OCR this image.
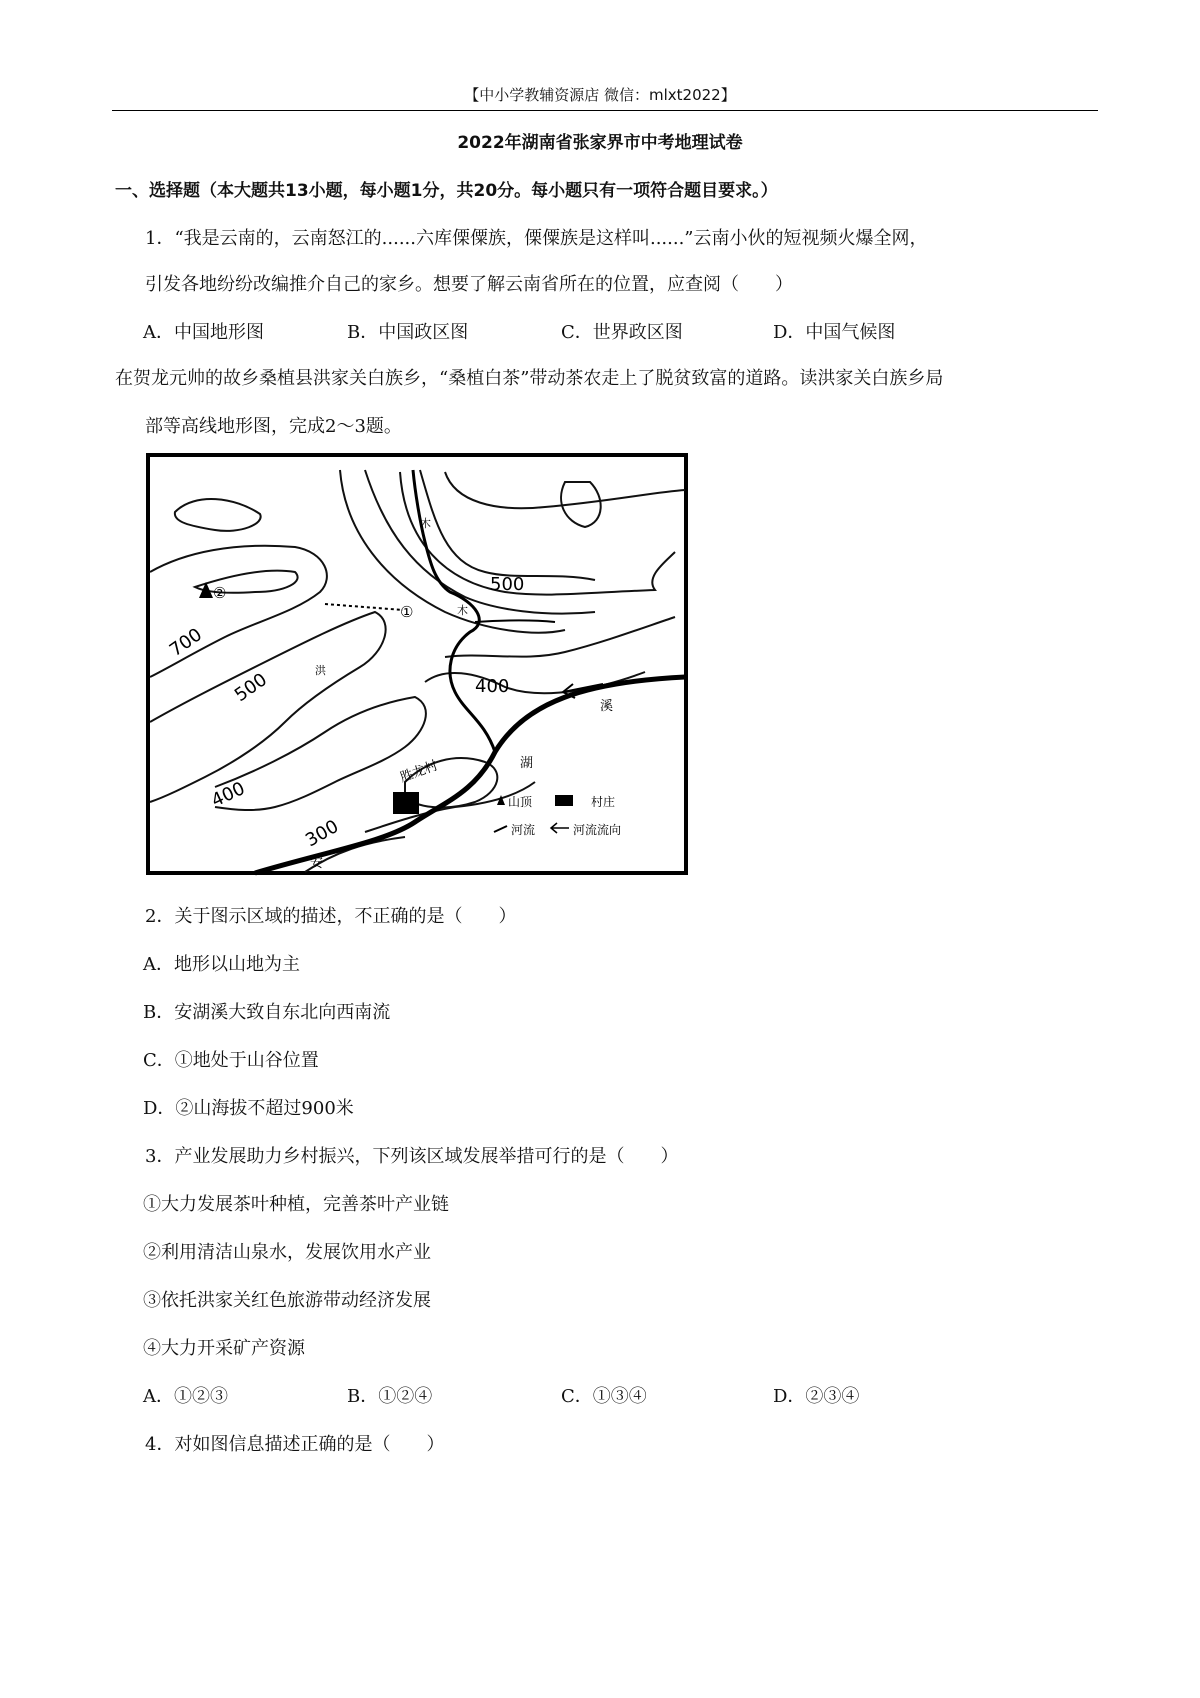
【中小学教辅资源店 微信：mlxt2022】
2022年湖南省张家界市中考地理试卷
一、选择题（本大题共13小题，每小题1分，共20分。每小题只有一项符合题目要求。）
1．“我是云南的，云南怒江的......六库傈僳族，傈僳族是这样叫......”云南小伙的短视频火爆全网，
引发各地纷纷改编推介自己的家乡。想要了解云南省所在的位置，应查阅（　　）
A．中国地形图	B．中国政区图	C．世界政区图	D．中国气候图
在贺龙元帅的故乡桑植县洪家关白族乡，“桑植白茶”带动茶农走上了脱贫致富的道路。读洪家关白族乡局
部等高线地形图，完成2～3题。
500
400
700
500
400
300
①
②
胜龙村
溪
湖
安
木
木
洪
山顶	村庄
河流	河流流向
2．关于图示区域的描述，不正确的是（　　）
A．地形以山地为主
B．安湖溪大致自东北向西南流
C．①地处于山谷位置
D．②山海拔不超过900米
3．产业发展助力乡村振兴，下列该区域发展举措可行的是（　　）
①大力发展茶叶种植，完善茶叶产业链
②利用清洁山泉水，发展饮用水产业
③依托洪家关红色旅游带动经济发展
④大力开采矿产资源
A．①②③	B．①②④	C．①③④	D．②③④
4．对如图信息描述正确的是（　　）
